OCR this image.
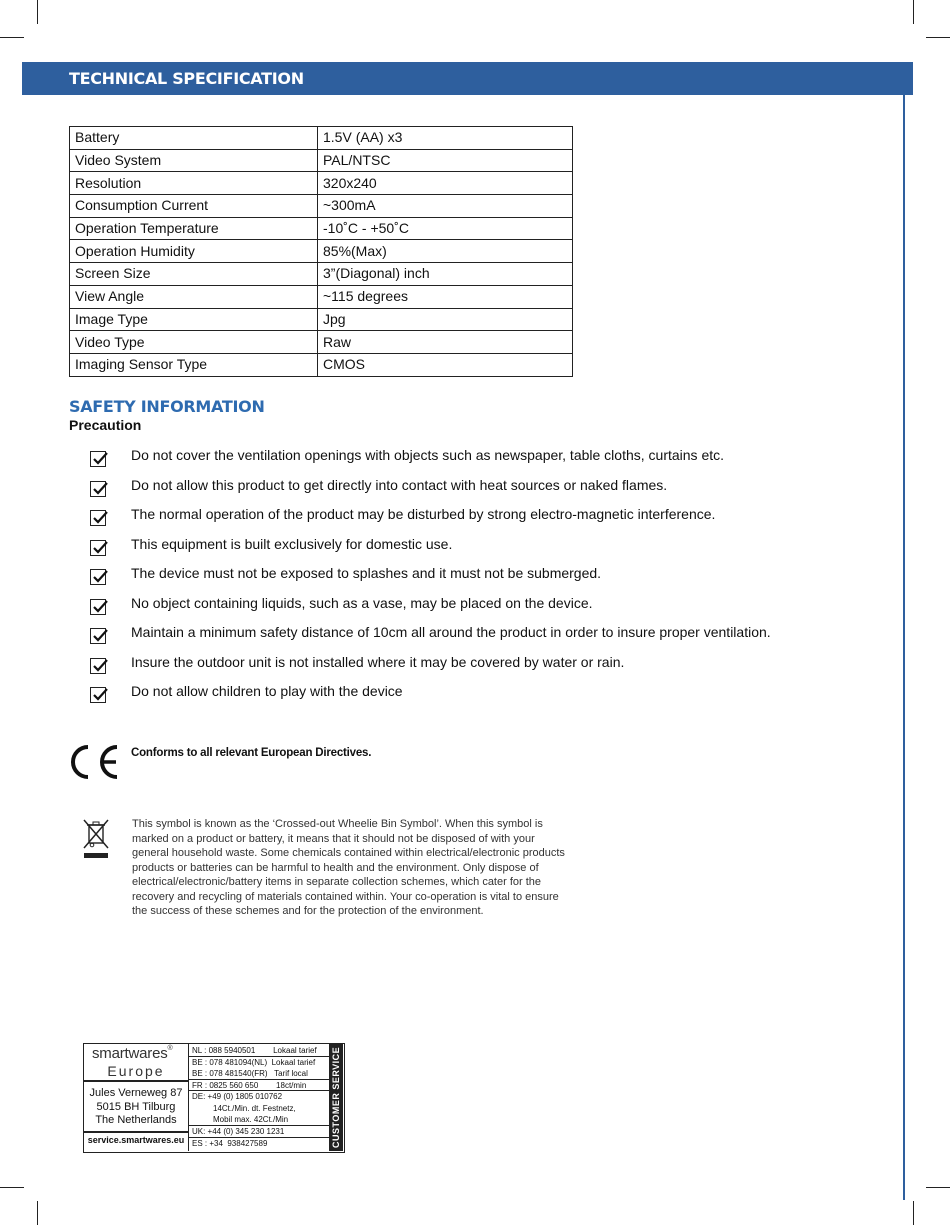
TECHNICAL SPECIFICATION
Battery	1.5V (AA) x3
Video System	PAL/NTSC
Resolution	320x240
Consumption Current	~300mA
Operation Temperature	-10˚C - +50˚C
Operation Humidity	85%(Max)
Screen Size	3”(Diagonal) inch
View Angle	~115 degrees
Image Type	Jpg
Video Type	Raw
Imaging Sensor Type	CMOS
SAFETY INFORMATION
Precaution
Do not cover the ventilation openings with objects such as newspaper, table cloths, curtains etc.
Do not allow this product to get directly into contact with heat sources or naked flames.
The normal operation of the product may be disturbed by strong electro-magnetic interference.
This equipment is built exclusively for domestic use.
The device must not be exposed to splashes and it must not be submerged.
No object containing liquids, such as a vase, may be placed on the device.
Maintain a minimum safety distance of 10cm all around the product in order to insure proper ventilation.
Insure the outdoor unit is not installed where it may be covered by water or rain.
Do not allow children to play with the device
Conforms to all relevant European Directives.
This symbol is known as the ‘Crossed-out Wheelie Bin Symbol’. When this symbol is
marked on a product or battery, it means that it should not be disposed of with your
general household waste. Some chemicals contained within electrical/electronic products
products or batteries can be harmful to health and the environment. Only dispose of
electrical/electronic/battery items in separate collection schemes, which cater for the
recovery and recycling of materials contained within. Your co-operation is vital to ensure
the success of these schemes and for the protection of the environment.
smartwares®
Europe
Jules Verneweg 87
5015 BH Tilburg
The Netherlands
service.smartwares.eu
NL : 088 5940501        Lokaal tarief
BE : 078 481094(NL)  Lokaal tarief
BE : 078 481540(FR)   Tarif local
FR : 0825 560 650        18ct/min
DE: +49 (0) 1805 010762
14Ct./Min. dt. Festnetz,
Mobil max. 42Ct./Min
UK: +44 (0) 345 230 1231
ES : +34  938427589	CUSTOMER SERVICE
